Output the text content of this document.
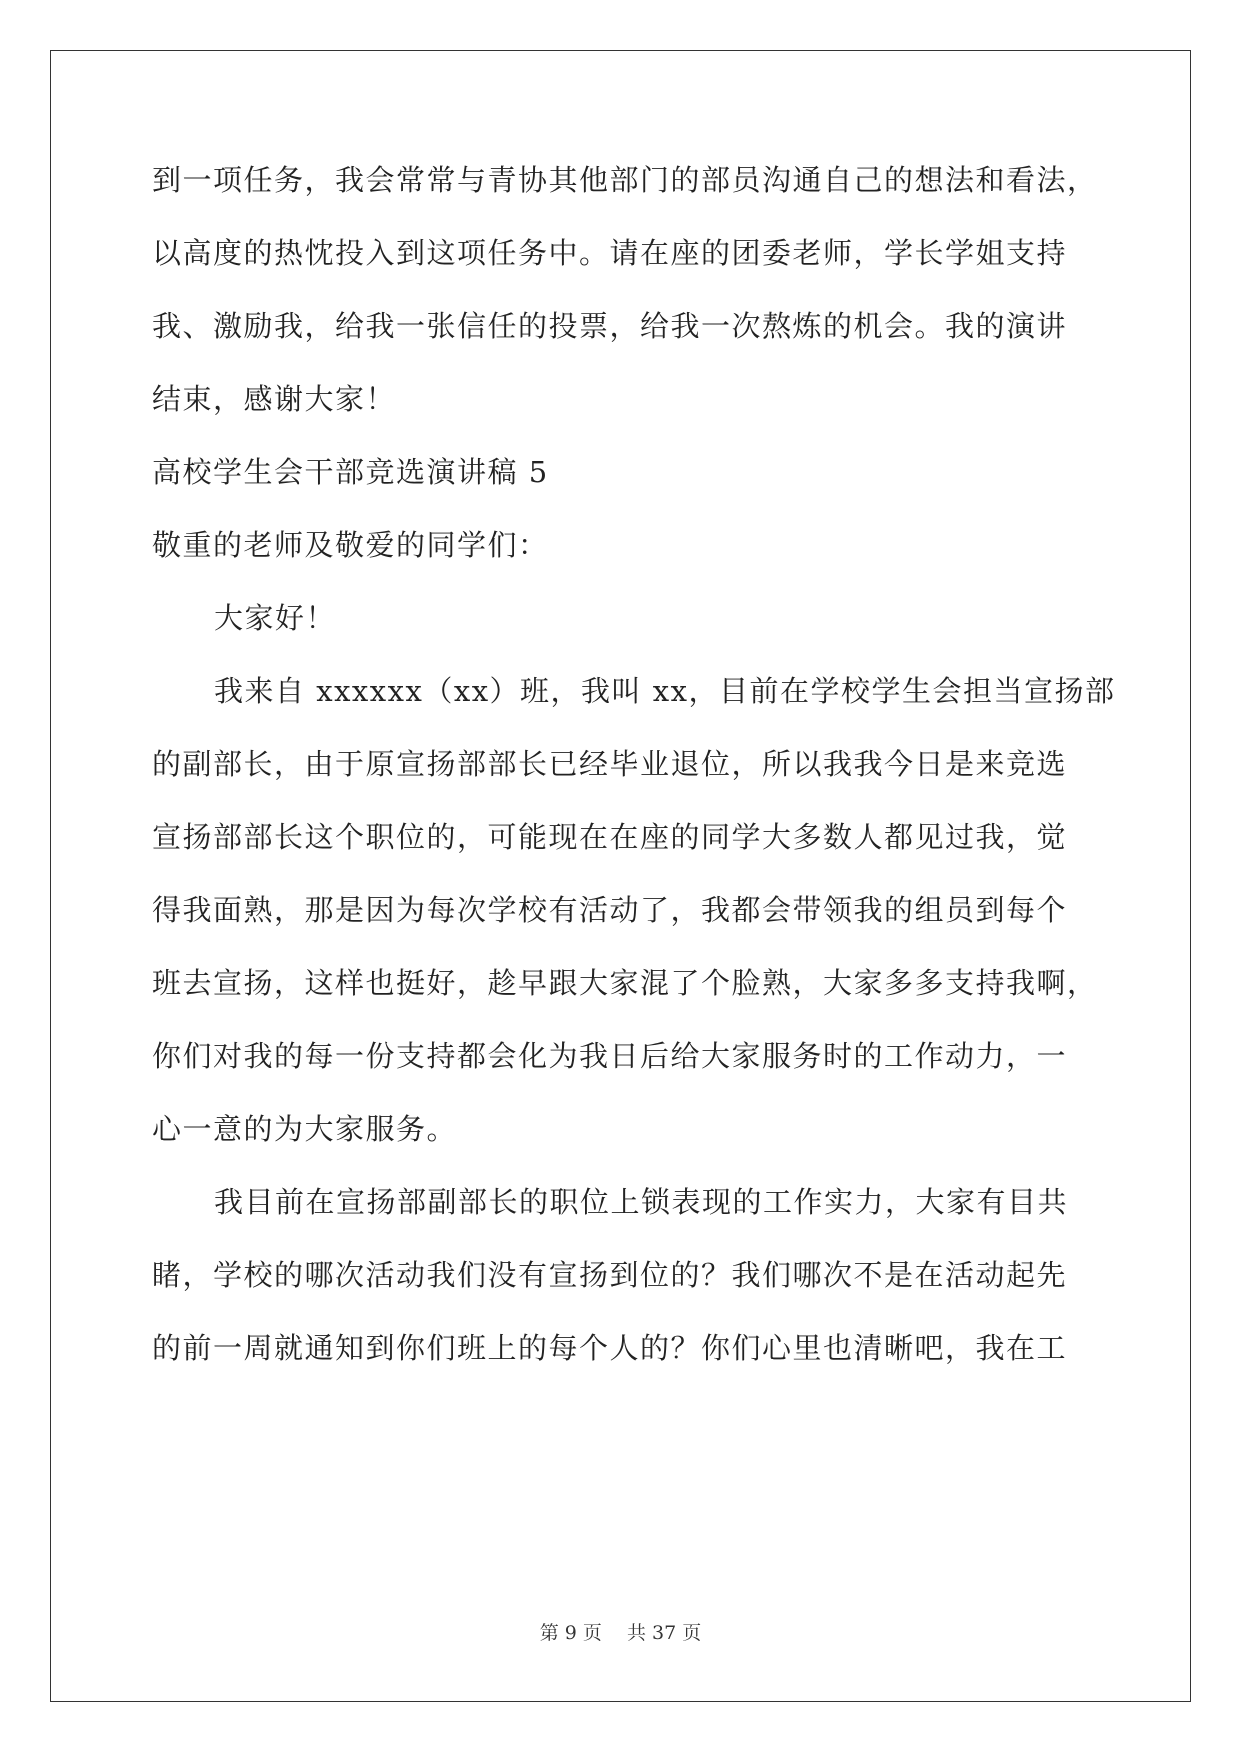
到一项任务，我会常常与青协其他部门的部员沟通自己的想法和看法，
以高度的热忱投入到这项任务中。请在座的团委老师，学长学姐支持
我、激励我，给我一张信任的投票，给我一次熬炼的机会。我的演讲
结束，感谢大家！
高校学生会干部竞选演讲稿 5
敬重的老师及敬爱的同学们：
大家好！
我来自 xxxxxx（xx）班，我叫 xx，目前在学校学生会担当宣扬部
的副部长，由于原宣扬部部长已经毕业退位，所以我我今日是来竞选
宣扬部部长这个职位的，可能现在在座的同学大多数人都见过我，觉
得我面熟，那是因为每次学校有活动了，我都会带领我的组员到每个
班去宣扬，这样也挺好，趁早跟大家混了个脸熟，大家多多支持我啊，
你们对我的每一份支持都会化为我日后给大家服务时的工作动力，一
心一意的为大家服务。
我目前在宣扬部副部长的职位上锁表现的工作实力，大家有目共
睹，学校的哪次活动我们没有宣扬到位的？我们哪次不是在活动起先
的前一周就通知到你们班上的每个人的？你们心里也清晰吧，我在工
第 9 页　 共 37 页
